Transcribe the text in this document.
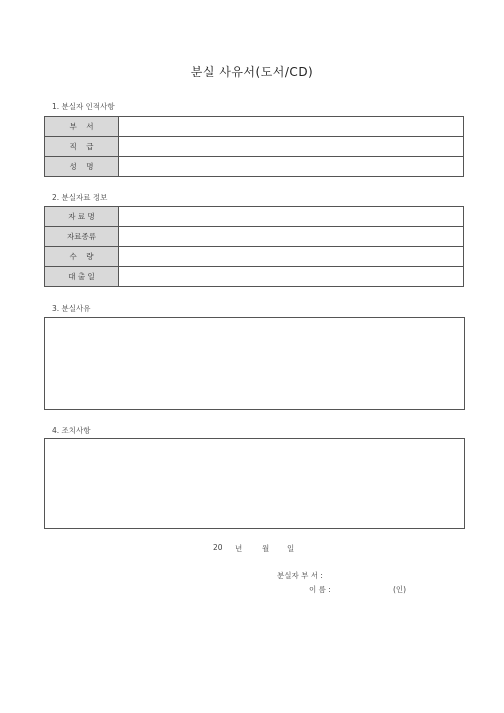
분실 사유서(도서/CD)
1. 분실자 인적사항
부    서	
직    급	
성    명	
2. 분실자료 정보
자 료 명	
자료종류	
수    량	
대 출 일	
3. 분실사유
4. 조치사항
20 년	월 일
분실자 부 서 :
이 름 :	(인)
